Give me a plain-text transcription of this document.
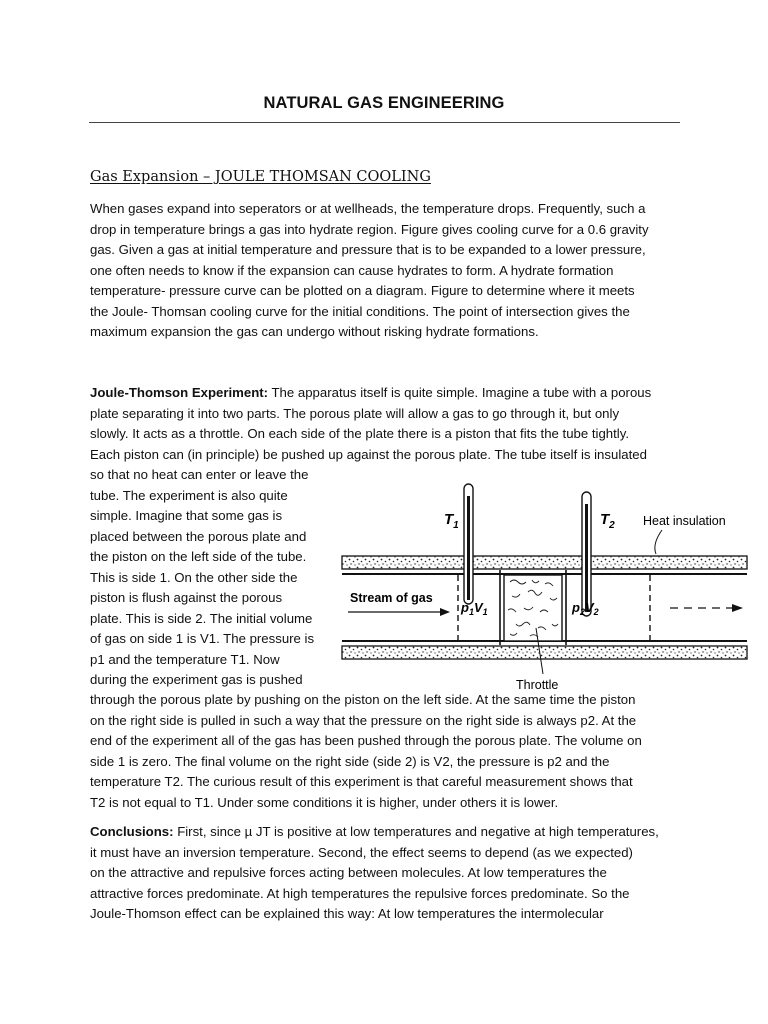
NATURAL GAS ENGINEERING
Gas Expansion – JOULE THOMSAN COOLING
When gases expand into seperators or at wellheads, the temperature drops. Frequently, such a
drop in temperature brings a gas into hydrate region. Figure gives cooling curve for a 0.6 gravity
gas. Given a gas at initial temperature and pressure that is to be expanded to a lower pressure,
one often needs to know if the expansion can cause hydrates to form. A hydrate formation
temperature- pressure curve can be plotted on a diagram. Figure to determine where it meets
the Joule- Thomsan cooling curve for the initial conditions. The point of intersection gives the
maximum expansion the gas can undergo without risking hydrate formations.
Joule-Thomson Experiment: The apparatus itself is quite simple. Imagine a tube with a porous
plate separating it into two parts. The porous plate will allow a gas to go through it, but only
slowly. It acts as a throttle. On each side of the plate there is a piston that fits the tube tightly.
Each piston can (in principle) be pushed up against the porous plate. The tube itself is insulated
so that no heat can enter or leave the
tube. The experiment is also quite
simple. Imagine that some gas is
placed between the porous plate and
the piston on the left side of the tube.
This is side 1. On the other side the
piston is flush against the porous
plate. This is side 2. The initial volume
of gas on side 1 is V1. The pressure is
p1 and the temperature T1. Now
during the experiment gas is pushed
through the porous plate by pushing on the piston on the left side. At the same time the piston
on the right side is pulled in such a way that the pressure on the right side is always p2. At the
end of the experiment all of the gas has been pushed through the porous plate. The volume on
side 1 is zero. The final volume on the right side (side 2) is V2, the pressure is p2 and the
temperature T2. The curious result of this experiment is that careful measurement shows that
T2 is not equal to T1. Under some conditions it is higher, under others it is lower.
Conclusions: First, since µ JT is positive at low temperatures and negative at high temperatures,
it must have an inversion temperature. Second, the effect seems to depend (as we expected)
on the attractive and repulsive forces acting between molecules. At low temperatures the
attractive forces predominate. At high temperatures the repulsive forces predominate. So the
Joule-Thomson effect can be explained this way: At low temperatures the intermolecular
$T_1$	$T_2$ Heat insulation
Stream of gas
$p_1V_1$	$p_2V_2$
Throttle
